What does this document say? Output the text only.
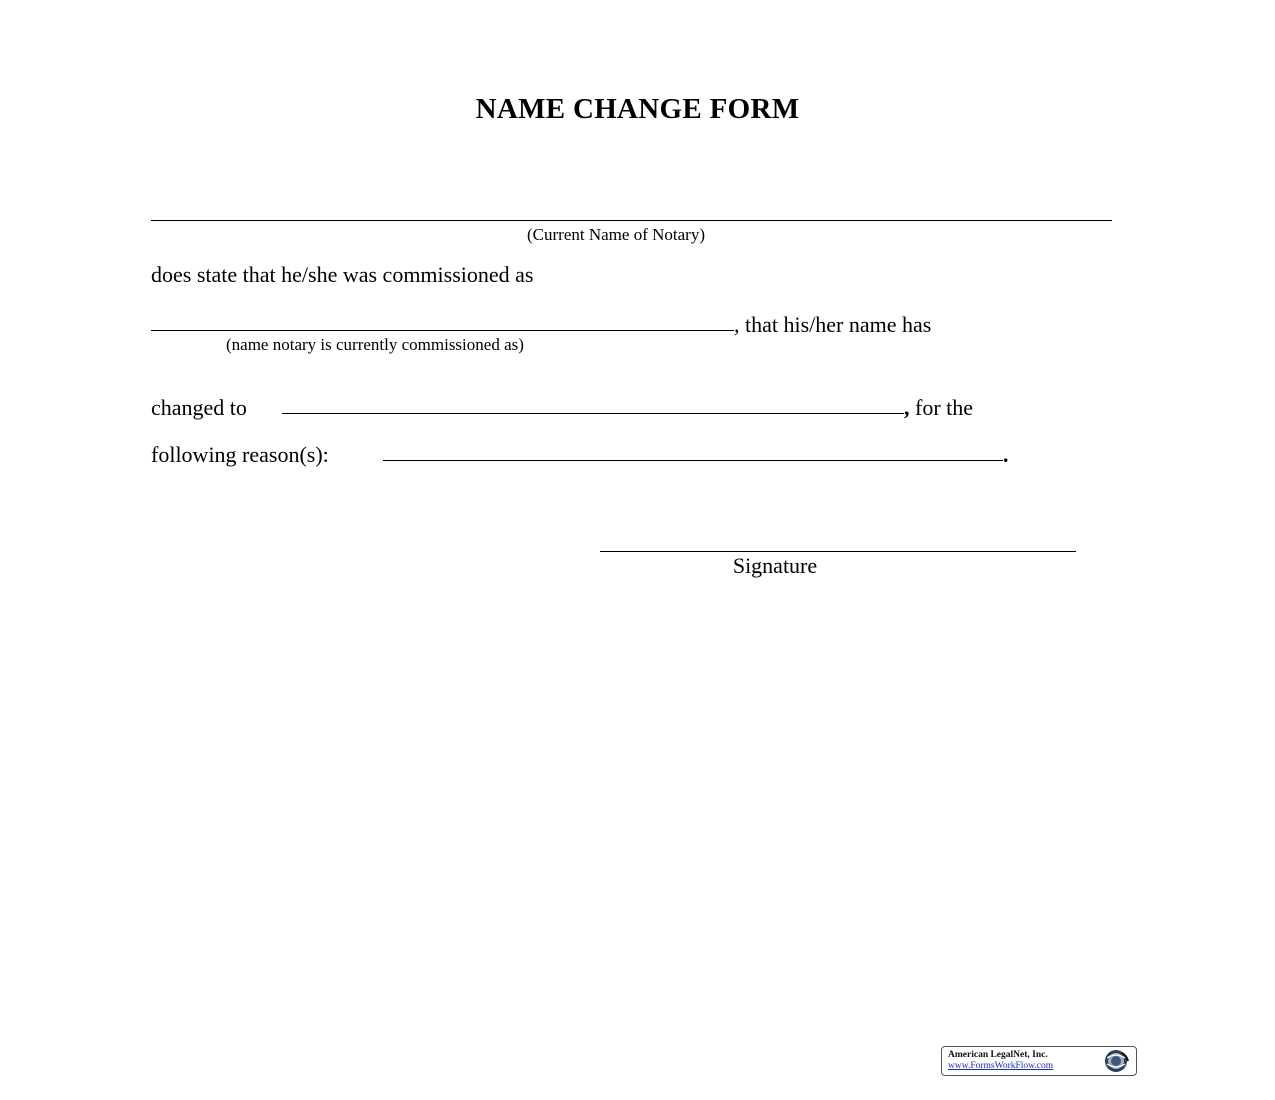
NAME CHANGE FORM
(Current Name of Notary)
does state that he/she was commissioned as
, that his/her name has
(name notary is currently commissioned as)
changed to	, for the
following reason(s):	.
Signature
American LegalNet, Inc.
www.FormsWorkFlow.com
